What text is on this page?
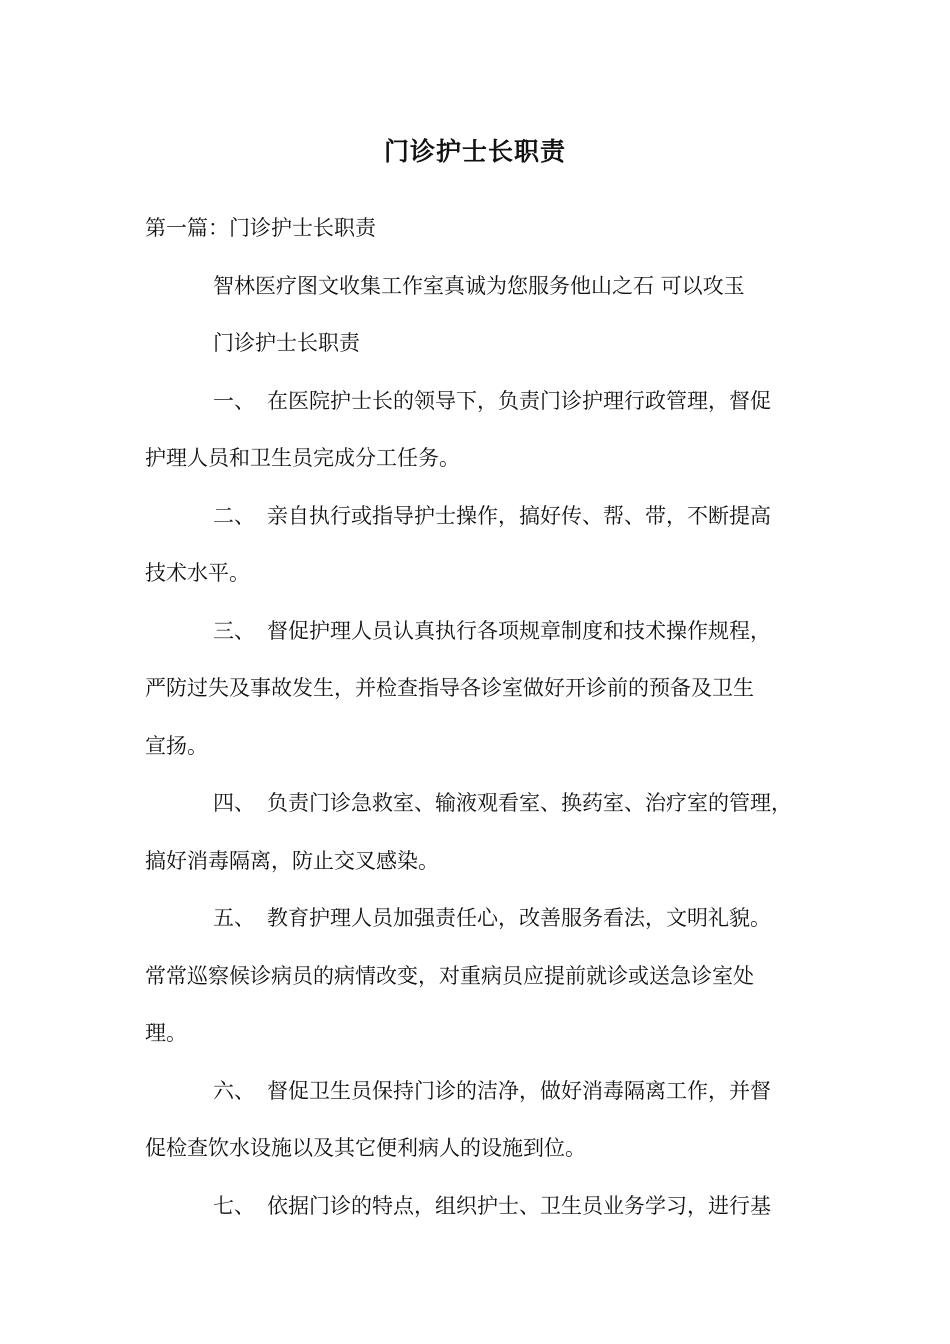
门诊护士长职责
第一篇：门诊护士长职责
智林医疗图文收集工作室真诚为您服务他山之石 可以攻玉
门诊护士长职责
一、 在医院护士长的领导下，负责门诊护理行政管理，督促
护理人员和卫生员完成分工任务。
二、 亲自执行或指导护士操作，搞好传、帮、带，不断提高
技术水平。
三、 督促护理人员认真执行各项规章制度和技术操作规程，
严防过失及事故发生，并检查指导各诊室做好开诊前的预备及卫生
宣扬。
四、 负责门诊急救室、输液观看室、换药室、治疗室的管理，
搞好消毒隔离，防止交叉感染。
五、 教育护理人员加强责任心，改善服务看法，文明礼貌。
常常巡察候诊病员的病情改变，对重病员应提前就诊或送急诊室处
理。
六、 督促卫生员保持门诊的洁净，做好消毒隔离工作，并督
促检查饮水设施以及其它便利病人的设施到位。
七、 依据门诊的特点，组织护士、卫生员业务学习，进行基
